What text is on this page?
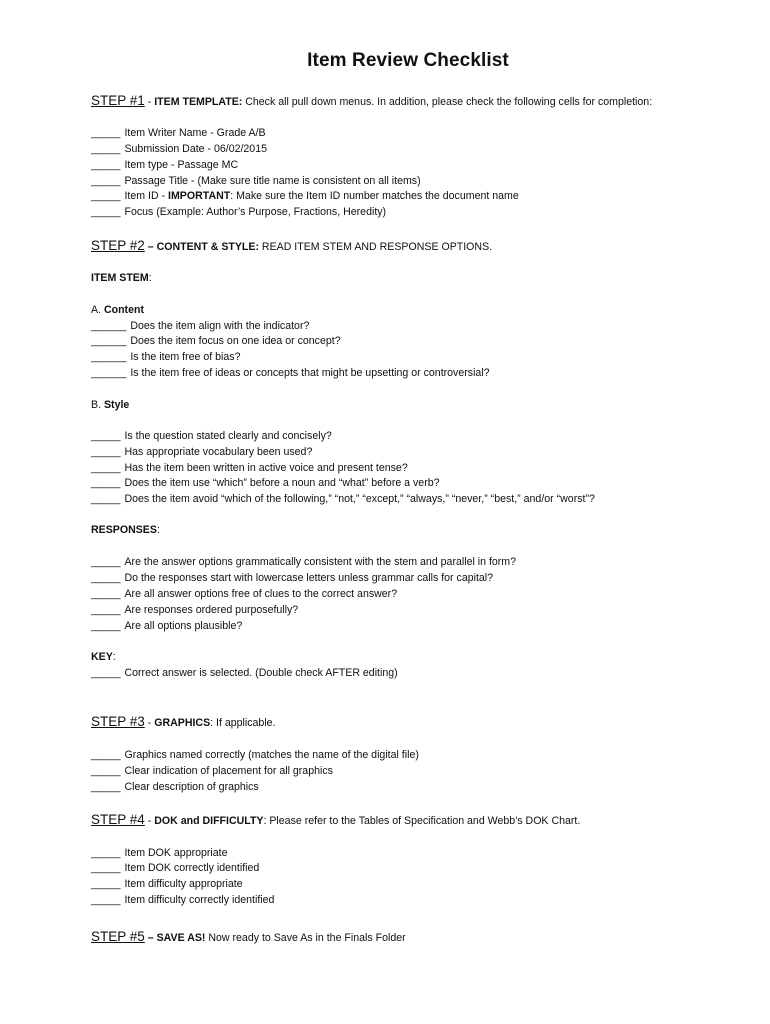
Item Review Checklist
STEP #1 - ITEM TEMPLATE: Check all pull down menus. In addition, please check the following cells for completion:
_____ Item Writer Name - Grade A/B
_____ Submission Date - 06/02/2015
_____ Item type - Passage MC
_____ Passage Title - (Make sure title name is consistent on all items)
_____ Item ID - IMPORTANT: Make sure the Item ID number matches the document name
_____ Focus (Example: Author’s Purpose, Fractions, Heredity)
STEP #2 – CONTENT & STYLE: READ ITEM STEM AND RESPONSE OPTIONS.
ITEM STEM:
A. Content
______ Does the item align with the indicator?
______ Does the item focus on one idea or concept?
______ Is the item free of bias?
______ Is the item free of ideas or concepts that might be upsetting or controversial?
B. Style
_____ Is the question stated clearly and concisely?
_____ Has appropriate vocabulary been used?
_____ Has the item been written in active voice and present tense?
_____ Does the item use “which” before a noun and “what” before a verb?
_____ Does the item avoid “which of the following,” “not,” “except,” “always,” “never,” “best,” and/or “worst”?
RESPONSES:
_____ Are the answer options grammatically consistent with the stem and parallel in form?
_____ Do the responses start with lowercase letters unless grammar calls for capital?
_____ Are all answer options free of clues to the correct answer?
_____ Are responses ordered purposefully?
_____ Are all options plausible?
KEY:
_____ Correct answer is selected. (Double check AFTER editing)
STEP #3 - GRAPHICS: If applicable.
_____ Graphics named correctly (matches the name of the digital file)
_____ Clear indication of placement for all graphics
_____ Clear description of graphics
STEP #4 - DOK and DIFFICULTY: Please refer to the Tables of Specification and Webb’s DOK Chart.
_____ Item DOK appropriate
_____ Item DOK correctly identified
_____ Item difficulty appropriate
_____ Item difficulty correctly identified
STEP #5 – SAVE AS! Now ready to Save As in the Finals Folder
